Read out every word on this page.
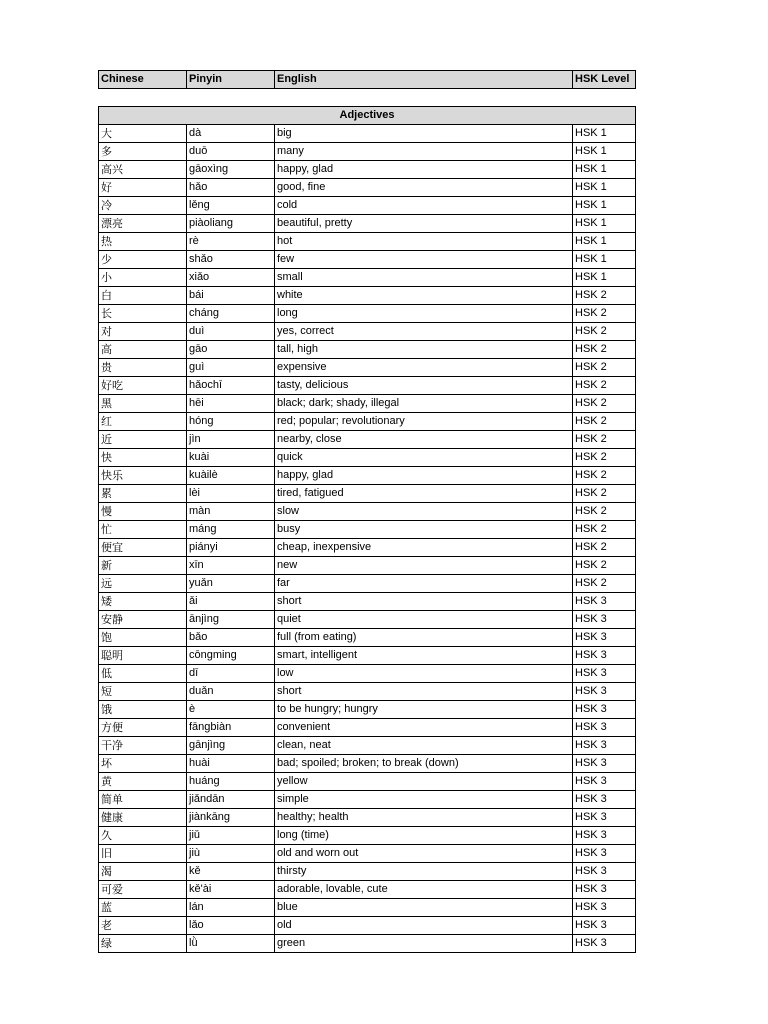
Chinese	Pinyin	English	HSK Level
Adjectives			
大	dà	big	HSK 1
多	duō	many	HSK 1
高兴	gāoxìng	happy, glad	HSK 1
好	hǎo	good, fine	HSK 1
冷	lěng	cold	HSK 1
漂亮	piàoliang	beautiful, pretty	HSK 1
热	rè	hot	HSK 1
少	shǎo	few	HSK 1
小	xiǎo	small	HSK 1
白	bái	white	HSK 2
长	cháng	long	HSK 2
对	duì	yes, correct	HSK 2
高	gāo	tall, high	HSK 2
贵	guì	expensive	HSK 2
好吃	hǎochī	tasty, delicious	HSK 2
黑	hēi	black; dark; shady, illegal	HSK 2
红	hóng	red; popular; revolutionary	HSK 2
近	jìn	nearby, close	HSK 2
快	kuài	quick	HSK 2
快乐	kuàilè	happy, glad	HSK 2
累	lèi	tired, fatigued	HSK 2
慢	màn	slow	HSK 2
忙	máng	busy	HSK 2
便宜	piányi	cheap, inexpensive	HSK 2
新	xīn	new	HSK 2
远	yuǎn	far	HSK 2
矮	ǎi	short	HSK 3
安静	ānjìng	quiet	HSK 3
饱	bǎo	full (from eating)	HSK 3
聪明	cōngming	smart, intelligent	HSK 3
低	dī	low	HSK 3
短	duǎn	short	HSK 3
饿	è	to be hungry; hungry	HSK 3
方便	fāngbiàn	convenient	HSK 3
干净	gānjìng	clean, neat	HSK 3
坏	huài	bad; spoiled; broken; to break (down)	HSK 3
黄	huáng	yellow	HSK 3
简单	jiǎndān	simple	HSK 3
健康	jiànkāng	healthy; health	HSK 3
久	jiǔ	long (time)	HSK 3
旧	jiù	old and worn out	HSK 3
渴	kě	thirsty	HSK 3
可爱	kě'ài	adorable, lovable, cute	HSK 3
蓝	lán	blue	HSK 3
老	lǎo	old	HSK 3
绿	lǜ	green	HSK 3
